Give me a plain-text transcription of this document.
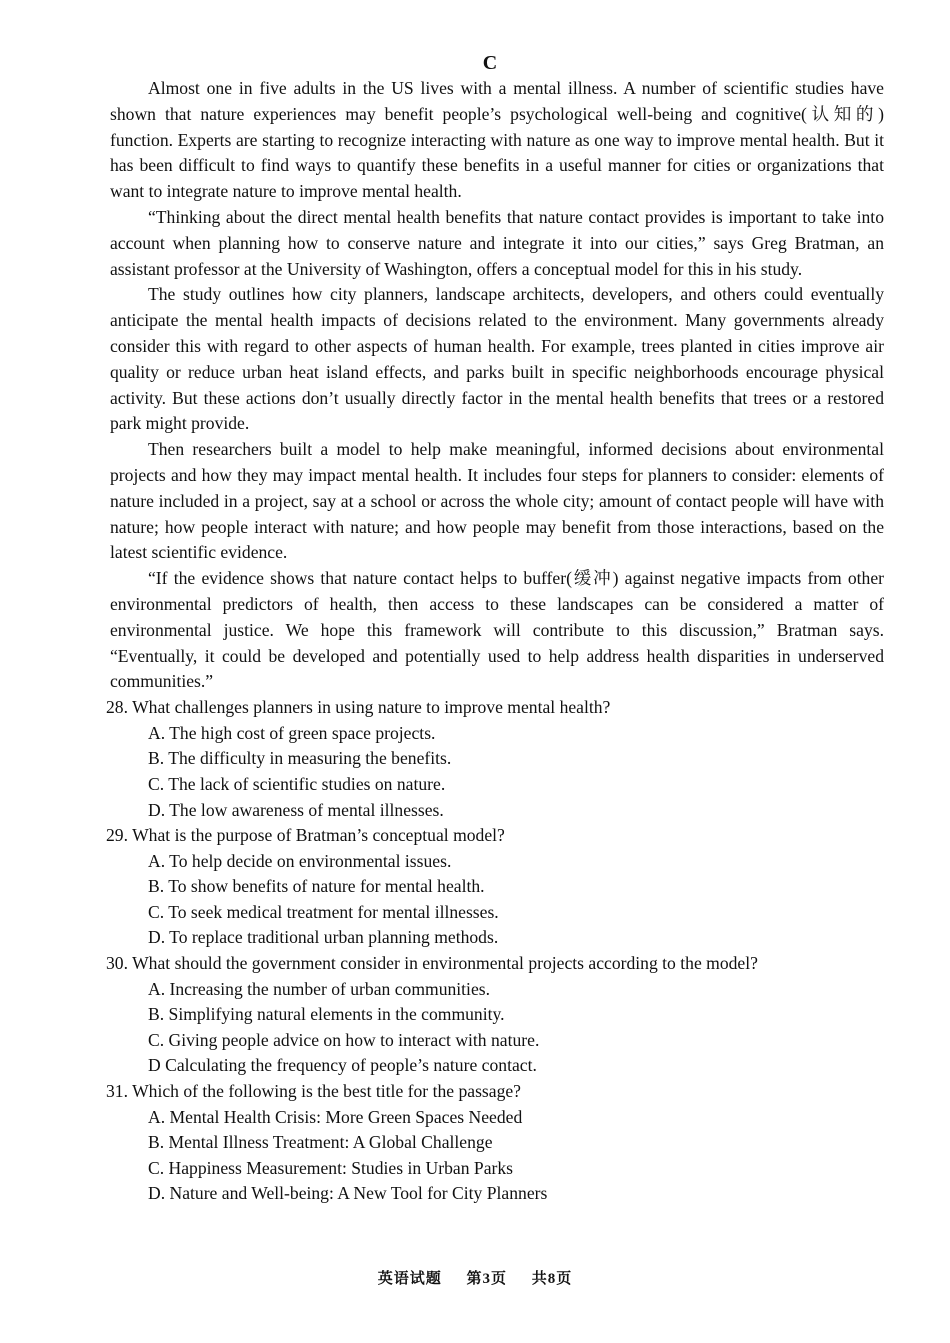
C

Almost one in five adults in the US lives with a mental illness. A number of scientific studies have shown that nature experiences may benefit people’s psychological well-being and cognitive(认知的) function. Experts are starting to recognize interacting with nature as one way to improve mental health. But it has been difficult to find ways to quantify these benefits in a useful manner for cities or organizations that want to integrate nature to improve mental health.

“Thinking about the direct mental health benefits that nature contact provides is important to take into account when planning how to conserve nature and integrate it into our cities,” says Greg Bratman, an assistant professor at the University of Washington, offers a conceptual model for this in his study.

The study outlines how city planners, landscape architects, developers, and others could eventually anticipate the mental health impacts of decisions related to the environment. Many governments already consider this with regard to other aspects of human health. For example, trees planted in cities improve air quality or reduce urban heat island effects, and parks built in specific neighborhoods encourage physical activity. But these actions don’t usually directly factor in the mental health benefits that trees or a restored park might provide.

Then researchers built a model to help make meaningful, informed decisions about environmental projects and how they may impact mental health. It includes four steps for planners to consider: elements of nature included in a project, say at a school or across the whole city; amount of contact people will have with nature; how people interact with nature; and how people may benefit from those interactions, based on the latest scientific evidence.

“If the evidence shows that nature contact helps to buffer(缓冲) against negative impacts from other environmental predictors of health, then access to these landscapes can be considered a matter of environmental justice. We hope this framework will contribute to this discussion,” Bratman says. “Eventually, it could be developed and potentially used to help address health disparities in underserved communities.”

28. What challenges planners in using nature to improve mental health?

A. The high cost of green space projects.

B. The difficulty in measuring the benefits.

C. The lack of scientific studies on nature.

D. The low awareness of mental illnesses.

29. What is the purpose of Bratman’s conceptual model?

A. To help decide on environmental issues.

B. To show benefits of nature for mental health.

C. To seek medical treatment for mental illnesses.

D. To replace traditional urban planning methods.

30. What should the government consider in environmental projects according to the model?

A. Increasing the number of urban communities.

B. Simplifying natural elements in the community.

C. Giving people advice on how to interact with nature.

D Calculating the frequency of people’s nature contact.

31. Which of the following is the best title for the passage?

A. Mental Health Crisis: More Green Spaces Needed

B. Mental Illness Treatment: A Global Challenge

C. Happiness Measurement: Studies in Urban Parks

D. Nature and Well-being: A New Tool for City Planners

英语试题 第3页 共8页
